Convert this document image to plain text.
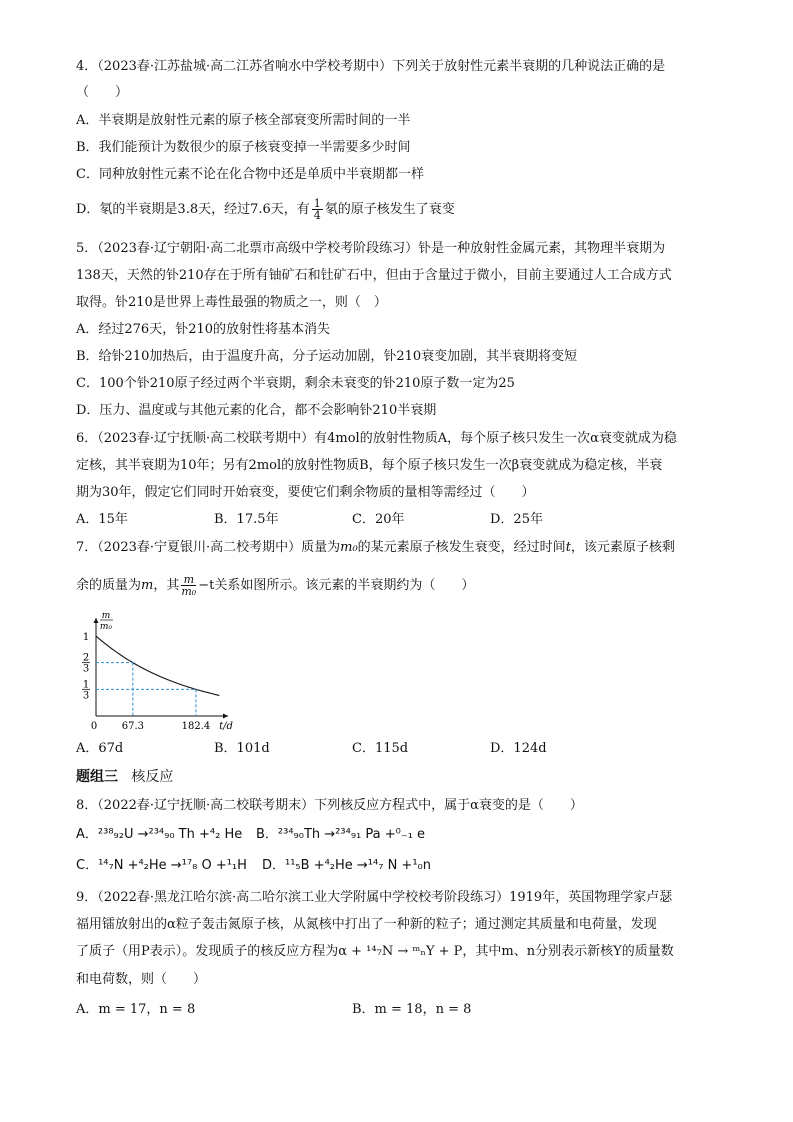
4．（2023春·江苏盐城·高二江苏省响水中学校考期中）下列关于放射性元素半衰期的几种说法正确的是
（　　）
A．半衰期是放射性元素的原子核全部衰变所需时间的一半
B．我们能预计为数很少的原子核衰变掉一半需要多少时间
C．同种放射性元素不论在化合物中还是单质中半衰期都一样
D．氡的半衰期是3.8天，经过7.6天，有 $\frac{1}{4}$ 氡的原子核发生了衰变
5．（2023春·辽宁朝阳·高二北票市高级中学校考阶段练习）钋是一种放射性金属元素，其物理半衰期为
138天，天然的钋210存在于所有铀矿石和钍矿石中，但由于含量过于微小，目前主要通过人工合成方式
取得。钋210是世界上毒性最强的物质之一，则（　）
A．经过276天，钋210的放射性将基本消失
B．给钋210加热后，由于温度升高，分子运动加剧，钋210衰变加剧，其半衰期将变短
C．100个钋210原子经过两个半衰期，剩余未衰变的钋210原子数一定为25
D．压力、温度或与其他元素的化合，都不会影响钋210半衰期
6．（2023春·辽宁抚顺·高二校联考期中）有4mol的放射性物质A，每个原子核只发生一次α衰变就成为稳
定核，其半衰期为10年；另有2mol的放射性物质B，每个原子核只发生一次β衰变就成为稳定核，半衰
期为30年，假定它们同时开始衰变，要使它们剩余物质的量相等需经过（　　）
A．15年	B．17.5年	C．20年	D．25年
7．（2023春·宁夏银川·高二校考期中）质量为m₀的某元素原子核发生衰变，经过时间t，该元素原子核剩
余的质量为m，其 $\frac{m}{\text{m₀}} -t$关系如图所示。该元素的半衰期约为（　　）
1
2
3
1
3
m
m₀
0 67.3	182.4 t/d
A．67d	B．101d	C．115d	D．124d
题组三 核反应
8．（2022春·辽宁抚顺·高二校联考期末）下列核反应方程式中，属于α衰变的是（　　）
A．²³⁸₉₂U →²³⁴₉₀ Th +⁴₂ He B．²³⁴₉₀Th →²³⁴₉₁ Pa +⁰₋₁ e
C．¹⁴₇N +⁴₂He →¹⁷₈ O +¹₁H D．¹¹₅B +⁴₂He →¹⁴₇ N +¹₀n
9．（2022春·黑龙江哈尔滨·高二哈尔滨工业大学附属中学校校考阶段练习）1919年，英国物理学家卢瑟
福用镭放射出的α粒子轰击氮原子核，从氮核中打出了一种新的粒子；通过测定其质量和电荷量，发现
了质子（用P表示）。发现质子的核反应方程为α + ¹⁴₇N → ᵐₙY + P，其中m、n分别表示新核Y的质量数
和电荷数，则（　　）
A．m = 17，n = 8	B．m = 18，n = 8
